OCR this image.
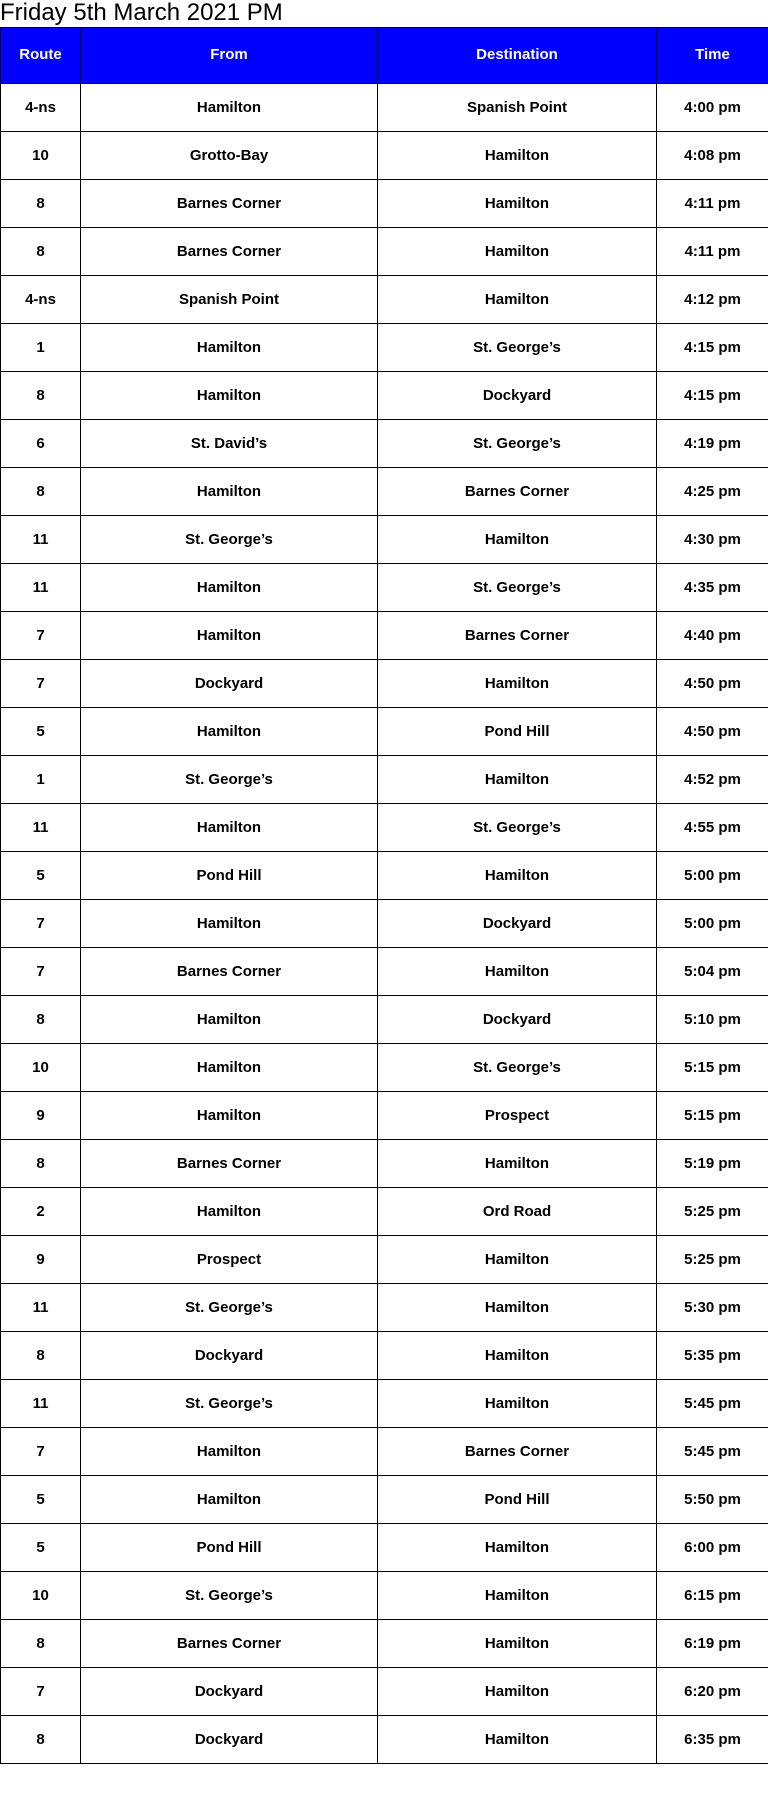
Friday 5th March 2021 PM
Route	From	Destination	Time
4-ns	Hamilton	Spanish Point	4:00 pm
10	Grotto-Bay	Hamilton	4:08 pm
8	Barnes Corner	Hamilton	4:11 pm
8	Barnes Corner	Hamilton	4:11 pm
4-ns	Spanish Point	Hamilton	4:12 pm
1	Hamilton	St. George’s	4:15 pm
8	Hamilton	Dockyard	4:15 pm
6	St. David’s	St. George’s	4:19 pm
8	Hamilton	Barnes Corner	4:25 pm
11	St. George’s	Hamilton	4:30 pm
11	Hamilton	St. George’s	4:35 pm
7	Hamilton	Barnes Corner	4:40 pm
7	Dockyard	Hamilton	4:50 pm
5	Hamilton	Pond Hill	4:50 pm
1	St. George’s	Hamilton	4:52 pm
11	Hamilton	St. George’s	4:55 pm
5	Pond Hill	Hamilton	5:00 pm
7	Hamilton	Dockyard	5:00 pm
7	Barnes Corner	Hamilton	5:04 pm
8	Hamilton	Dockyard	5:10 pm
10	Hamilton	St. George’s	5:15 pm
9	Hamilton	Prospect	5:15 pm
8	Barnes Corner	Hamilton	5:19 pm
2	Hamilton	Ord Road	5:25 pm
9	Prospect	Hamilton	5:25 pm
11	St. George’s	Hamilton	5:30 pm
8	Dockyard	Hamilton	5:35 pm
11	St. George’s	Hamilton	5:45 pm
7	Hamilton	Barnes Corner	5:45 pm
5	Hamilton	Pond Hill	5:50 pm
5	Pond Hill	Hamilton	6:00 pm
10	St. George’s	Hamilton	6:15 pm
8	Barnes Corner	Hamilton	6:19 pm
7	Dockyard	Hamilton	6:20 pm
8	Dockyard	Hamilton	6:35 pm
